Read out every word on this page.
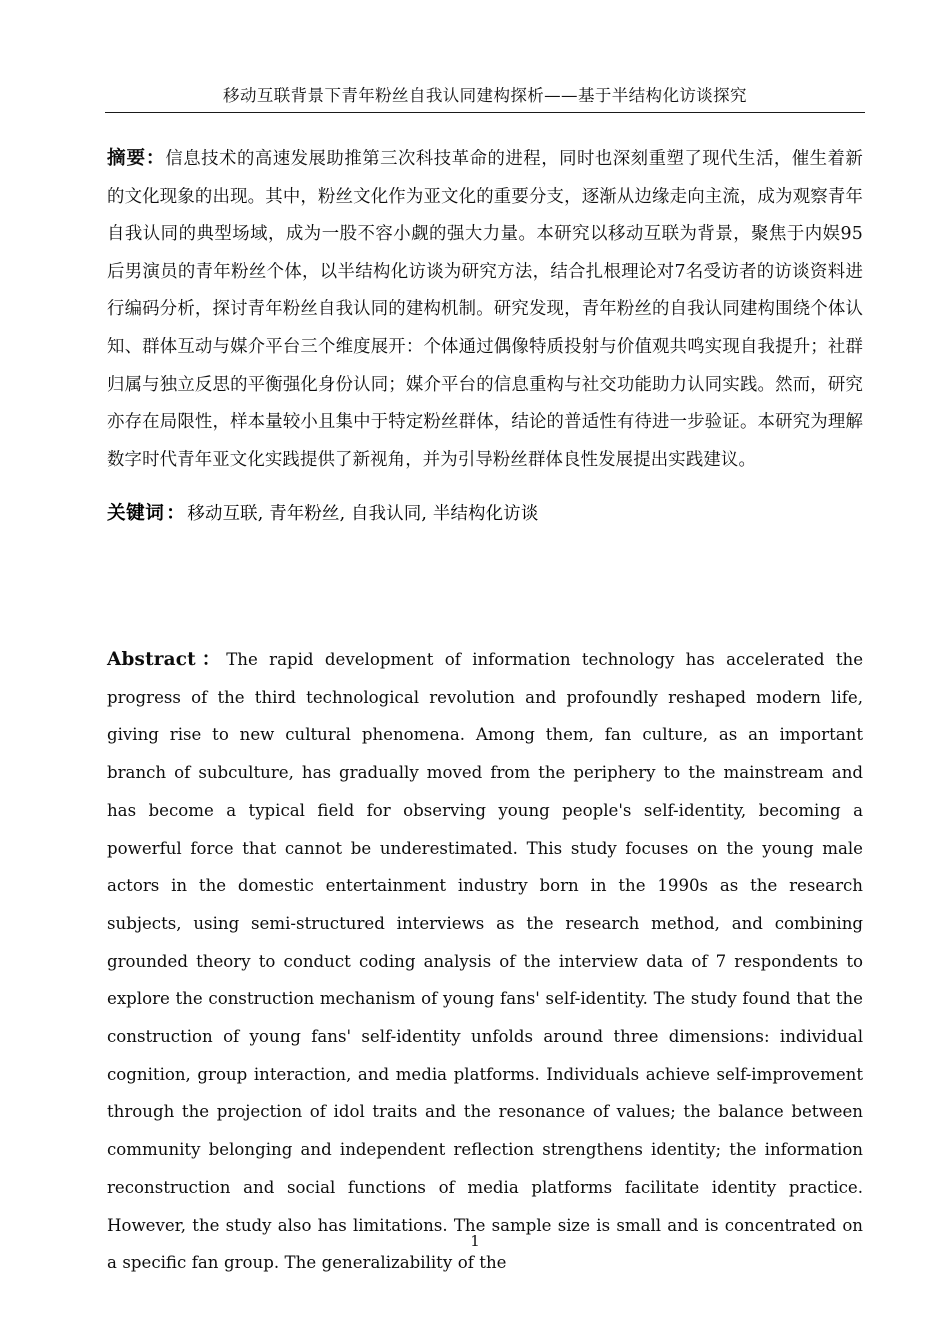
移动互联背景下青年粉丝自我认同建构探析——基于半结构化访谈探究

摘要：信息技术的高速发展助推第三次科技革命的进程，同时也深刻重塑了现代生活，催生着新的文化现象的出现。其中，粉丝文化作为亚文化的重要分支，逐渐从边缘走向主流，成为观察青年自我认同的典型场域，成为一股不容小觑的强大力量。本研究以移动互联为背景，聚焦于内娱95后男演员的青年粉丝个体，以半结构化访谈为研究方法，结合扎根理论对7名受访者的访谈资料进行编码分析，探讨青年粉丝自我认同的建构机制。研究发现，青年粉丝的自我认同建构围绕个体认知、群体互动与媒介平台三个维度展开：个体通过偶像特质投射与价值观共鸣实现自我提升；社群归属与独立反思的平衡强化身份认同；媒介平台的信息重构与社交功能助力认同实践。然而，研究亦存在局限性，样本量较小且集中于特定粉丝群体，结论的普适性有待进一步验证。本研究为理解数字时代青年亚文化实践提供了新视角，并为引导粉丝群体良性发展提出实践建议。

关键词 ： 移动互联, 青年粉丝, 自我认同, 半结构化访谈

Abstract：The rapid development of information technology has accelerated the progress of the third technological revolution and profoundly reshaped modern life, giving rise to new cultural phenomena. Among them, fan culture, as an important branch of subculture, has gradually moved from the periphery to the mainstream and has become a typical field for observing young people's self-identity, becoming a powerful force that cannot be underestimated. This study focuses on the young male actors in the domestic entertainment industry born in the 1990s as the research subjects, using semi-structured interviews as the research method, and combining grounded theory to conduct coding analysis of the interview data of 7 respondents to explore the construction mechanism of young fans' self-identity. The study found that the construction of young fans' self-identity unfolds around three dimensions: individual cognition, group interaction, and media platforms. Individuals achieve self-improvement through the projection of idol traits and the resonance of values; the balance between community belonging and independent reflection strengthens identity; the information reconstruction and social functions of media platforms facilitate identity practice. However, the study also has limitations. The sample size is small and is concentrated on a specific fan group. The generalizability of the

1
